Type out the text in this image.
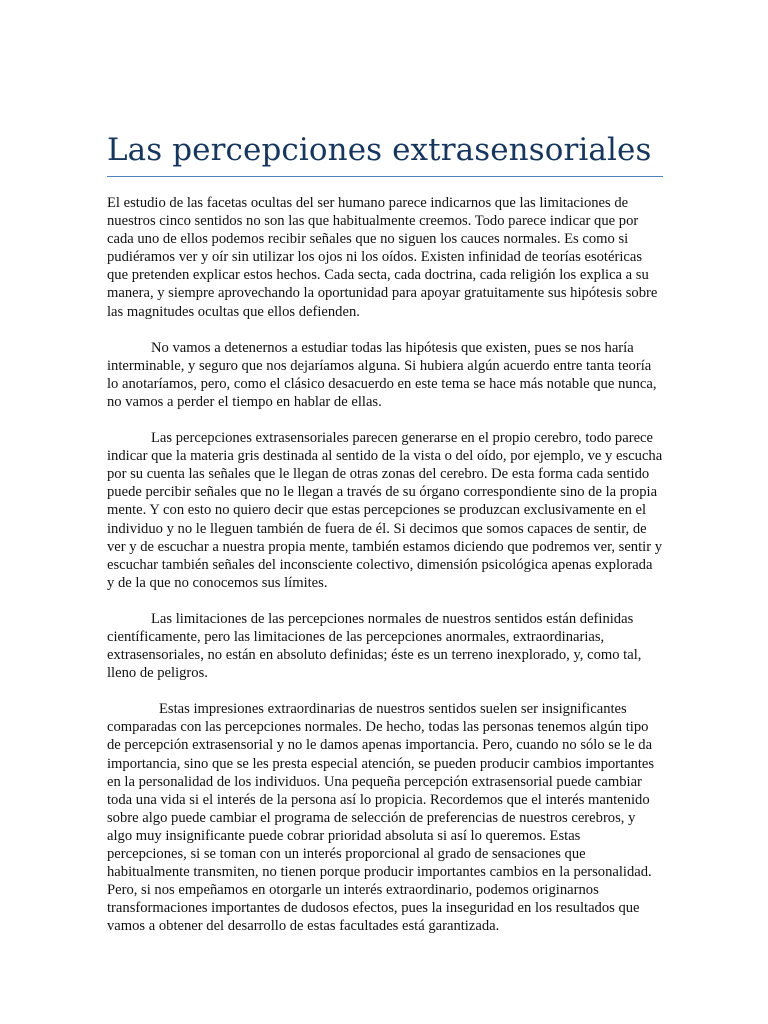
Las percepciones extrasensoriales

El estudio de las facetas ocultas del ser humano parece indicarnos que las limitaciones de nuestros cinco sentidos no son las que habitualmente creemos. Todo parece indicar que por cada uno de ellos podemos recibir señales que no siguen los cauces normales. Es como si pudiéramos ver y oír sin utilizar los ojos ni los oídos. Existen infinidad de teorías esotéricas que pretenden explicar estos hechos. Cada secta, cada doctrina, cada religión los explica a su manera, y siempre aprovechando la oportunidad para apoyar gratuitamente sus hipótesis sobre las magnitudes ocultas que ellos defienden.

No vamos a detenernos a estudiar todas las hipótesis que existen, pues se nos haría interminable, y seguro que nos dejaríamos alguna. Si hubiera algún acuerdo entre tanta teoría lo anotaríamos, pero, como el clásico desacuerdo en este tema se hace más notable que nunca, no vamos a perder el tiempo en hablar de ellas.

Las percepciones extrasensoriales parecen generarse en el propio cerebro, todo parece indicar que la materia gris destinada al sentido de la vista o del oído, por ejemplo, ve y escucha por su cuenta las señales que le llegan de otras zonas del cerebro. De esta forma cada sentido puede percibir señales que no le llegan a través de su órgano correspondiente sino de la propia mente. Y con esto no quiero decir que estas percepciones se produzcan exclusivamente en el individuo y no le lleguen también de fuera de él. Si decimos que somos capaces de sentir, de ver y de escuchar a nuestra propia mente, también estamos diciendo que podremos ver, sentir y escuchar también señales del inconsciente colectivo, dimensión psicológica apenas explorada y de la que no conocemos sus límites.

Las limitaciones de las percepciones normales de nuestros sentidos están definidas científicamente, pero las limitaciones de las percepciones anormales, extraordinarias, extrasensoriales, no están en absoluto definidas; éste es un terreno inexplorado, y, como tal, lleno de peligros.

Estas impresiones extraordinarias de nuestros sentidos suelen ser insignificantes comparadas con las percepciones normales. De hecho, todas las personas tenemos algún tipo de percepción extrasensorial y no le damos apenas importancia. Pero, cuando no sólo se le da importancia, sino que se les presta especial atención, se pueden producir cambios importantes en la personalidad de los individuos. Una pequeña percepción extrasensorial puede cambiar toda una vida si el interés de la persona así lo propicia. Recordemos que el interés mantenido sobre algo puede cambiar el programa de selección de preferencias de nuestros cerebros, y algo muy insignificante puede cobrar prioridad absoluta si así lo queremos. Estas percepciones, si se toman con un interés proporcional al grado de sensaciones que habitualmente transmiten, no tienen porque producir importantes cambios en la personalidad. Pero, si nos empeñamos en otorgarle un interés extraordinario, podemos originarnos transformaciones importantes de dudosos efectos, pues la inseguridad en los resultados que vamos a obtener del desarrollo de estas facultades está garantizada.
